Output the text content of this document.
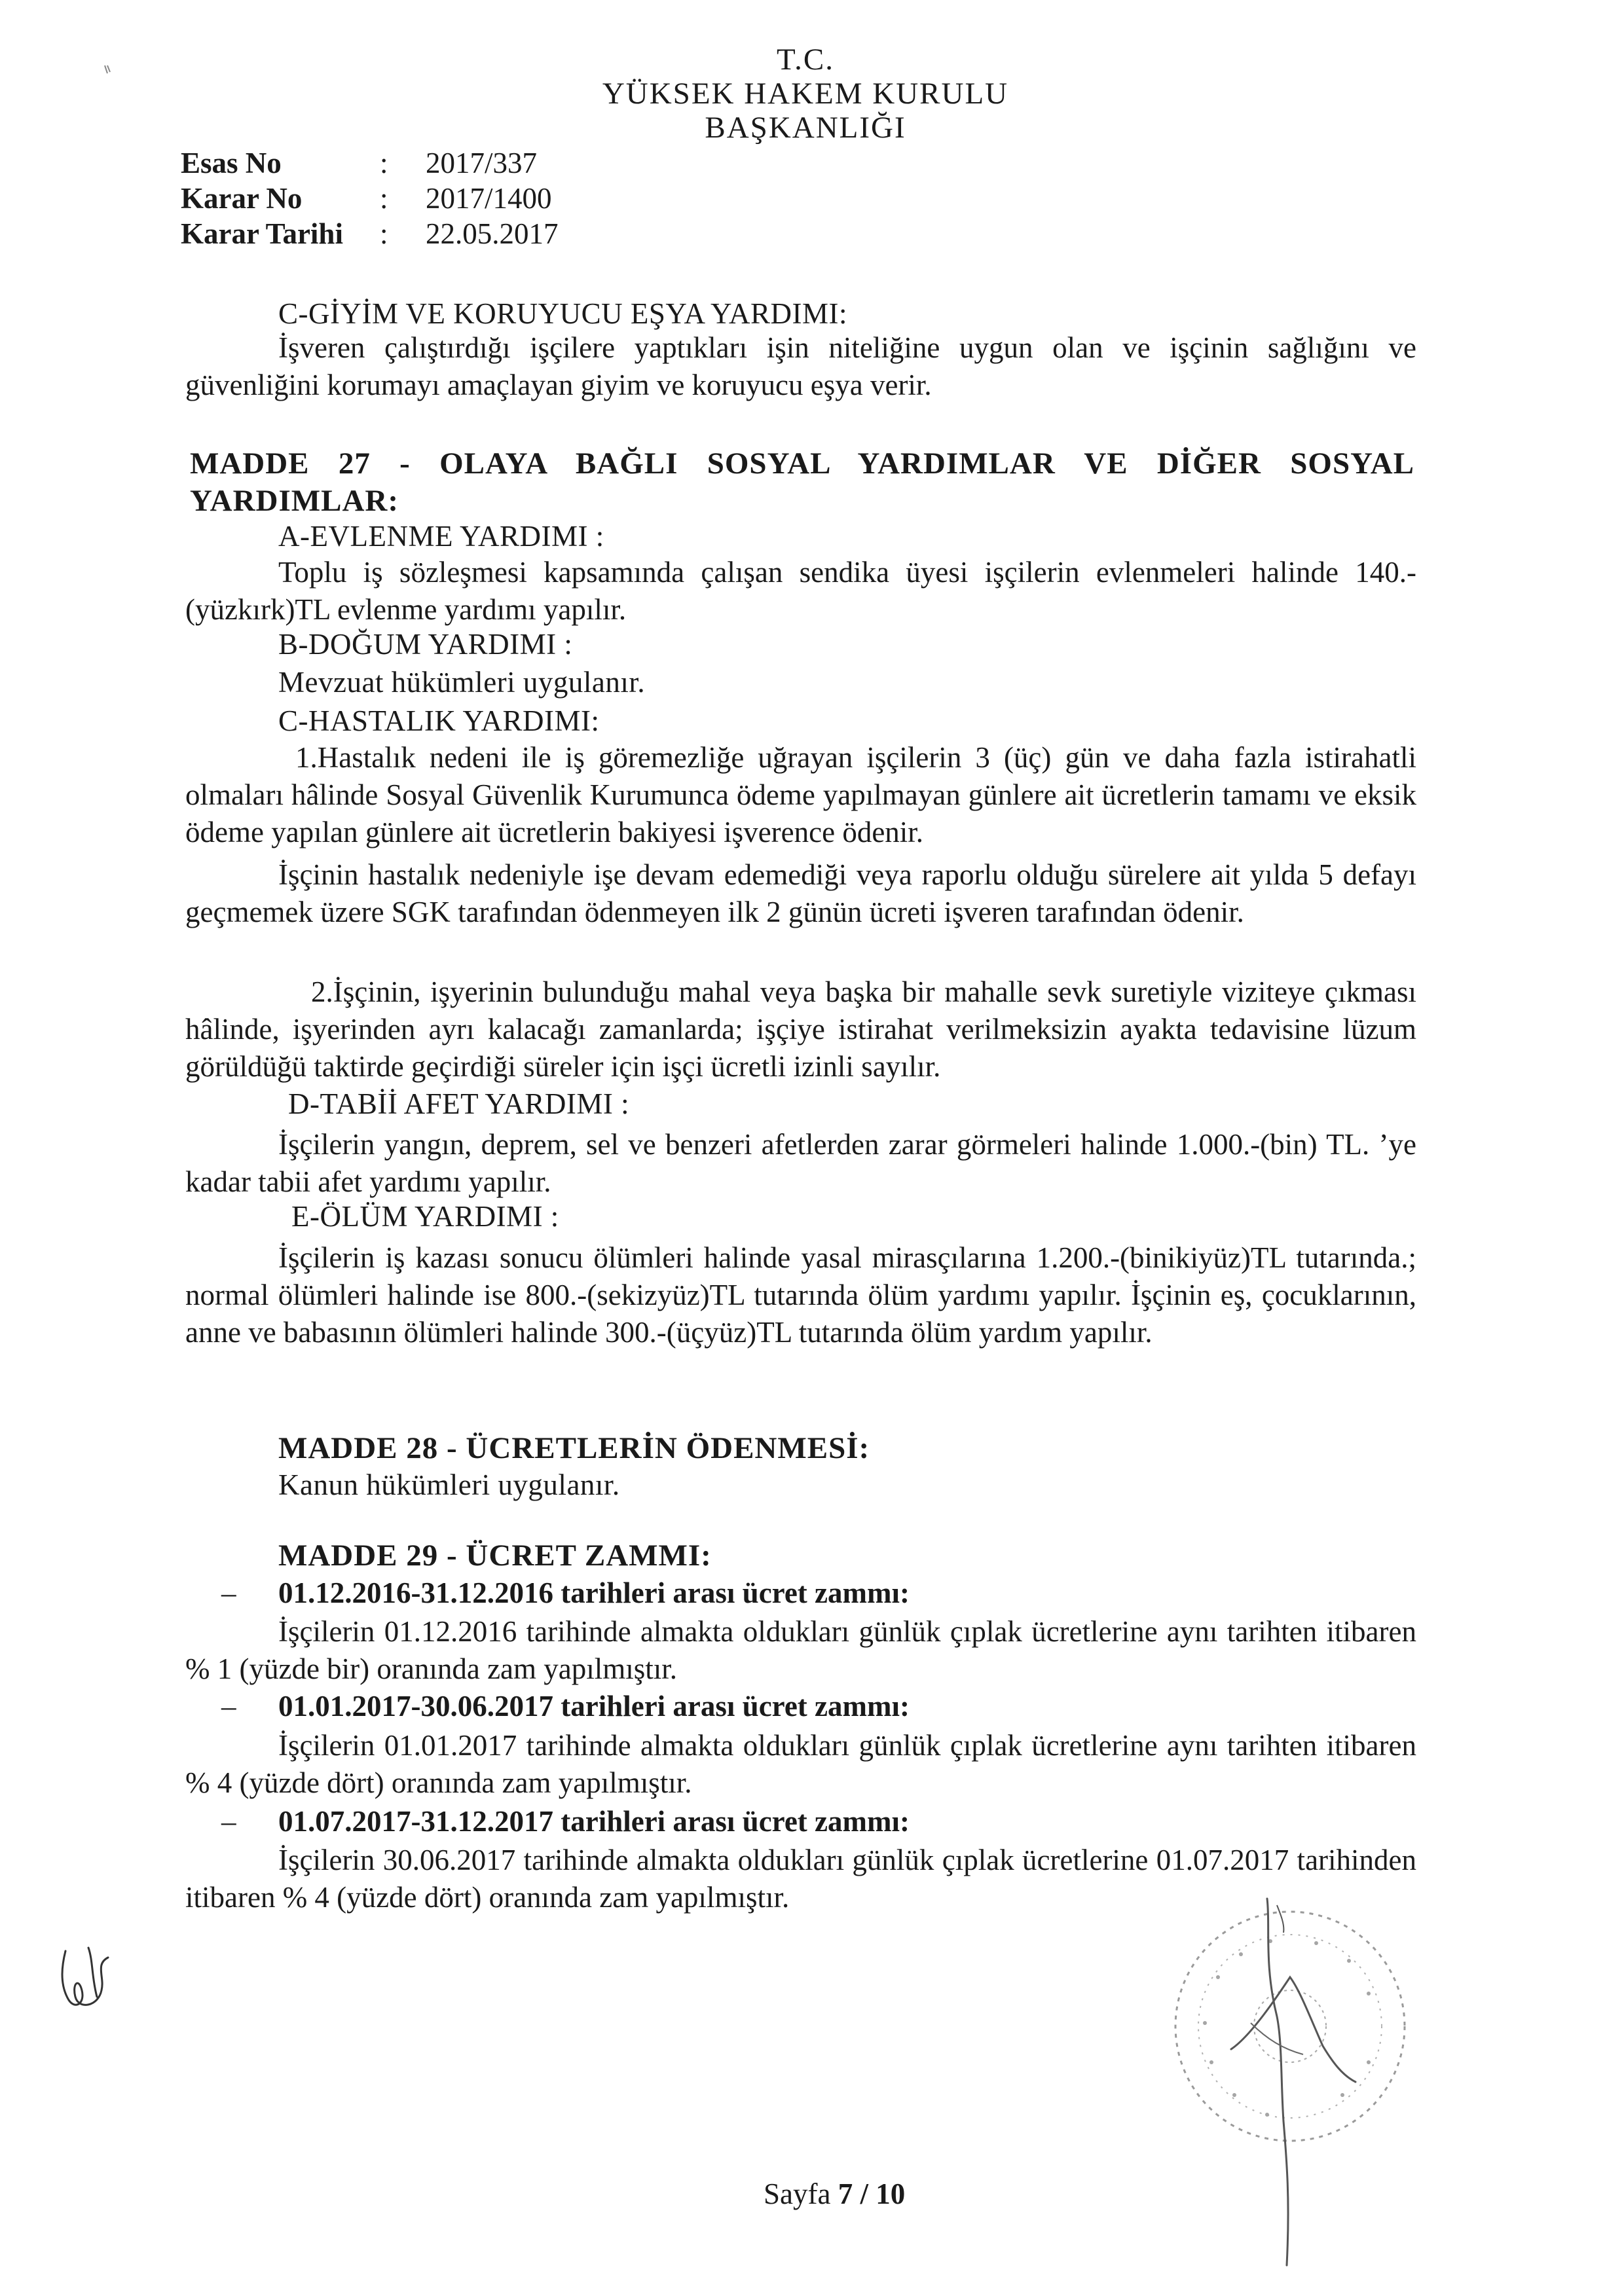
T.C.
YÜKSEK HAKEM KURULU
BAŞKANLIĞI
Esas No	: 2017/337
Karar No	: 2017/1400
Karar Tarihi : 22.05.2017
C-GİYİM VE KORUYUCU EŞYA YARDIMI:
İşveren çalıştırdığı işçilere yaptıkları işin niteliğine uygun olan ve işçinin sağlığını ve güvenliğini korumayı amaçlayan giyim ve koruyucu eşya verir.
MADDE 27 - OLAYA BAĞLI SOSYAL YARDIMLAR VE DİĞER SOSYAL
YARDIMLAR:
A-EVLENME YARDIMI :
Toplu iş sözleşmesi kapsamında çalışan sendika üyesi işçilerin evlenmeleri halinde 140.-(yüzkırk)TL evlenme yardımı yapılır.
B-DOĞUM YARDIMI :
Mevzuat hükümleri uygulanır.
C-HASTALIK YARDIMI:
1.Hastalık nedeni ile iş göremezliğe uğrayan işçilerin 3 (üç) gün ve daha fazla istirahatli olmaları hâlinde Sosyal Güvenlik Kurumunca ödeme yapılmayan günlere ait ücretlerin tamamı ve eksik ödeme yapılan günlere ait ücretlerin bakiyesi işverence ödenir.
İşçinin hastalık nedeniyle işe devam edemediği veya raporlu olduğu sürelere ait yılda 5 defayı geçmemek üzere SGK tarafından ödenmeyen ilk 2 günün ücreti işveren tarafından ödenir.
2.İşçinin, işyerinin bulunduğu mahal veya başka bir mahalle sevk suretiyle viziteye çıkması hâlinde, işyerinden ayrı kalacağı zamanlarda; işçiye istirahat verilmeksizin ayakta tedavisine lüzum görüldüğü taktirde geçirdiği süreler için işçi ücretli izinli sayılır.
D-TABİİ AFET YARDIMI :
İşçilerin yangın, deprem, sel ve benzeri afetlerden zarar görmeleri halinde 1.000.-(bin) TL. ’ye kadar tabii afet yardımı yapılır.
E-ÖLÜM YARDIMI :
İşçilerin iş kazası sonucu ölümleri halinde yasal mirasçılarına 1.200.-(binikiyüz)TL tutarında.; normal ölümleri halinde ise 800.-(sekizyüz)TL tutarında ölüm yardımı yapılır. İşçinin eş, çocuklarının, anne ve babasının ölümleri halinde 300.-(üçyüz)TL tutarında ölüm yardım yapılır.
MADDE 28 - ÜCRETLERİN ÖDENMESİ:
Kanun hükümleri uygulanır.
MADDE 29 - ÜCRET ZAMMI:
– 01.12.2016-31.12.2016 tarihleri arası ücret zammı:
İşçilerin 01.12.2016 tarihinde almakta oldukları günlük çıplak ücretlerine aynı tarihten itibaren % 1 (yüzde bir) oranında zam yapılmıştır.
– 01.01.2017-30.06.2017 tarihleri arası ücret zammı:
İşçilerin 01.01.2017 tarihinde almakta oldukları günlük çıplak ücretlerine aynı tarihten itibaren % 4 (yüzde dört) oranında zam yapılmıştır.
– 01.07.2017-31.12.2017 tarihleri arası ücret zammı:
İşçilerin 30.06.2017 tarihinde almakta oldukları günlük çıplak ücretlerine 01.07.2017 tarihinden itibaren % 4 (yüzde dört) oranında zam yapılmıştır.
Sayfa 7 / 10
